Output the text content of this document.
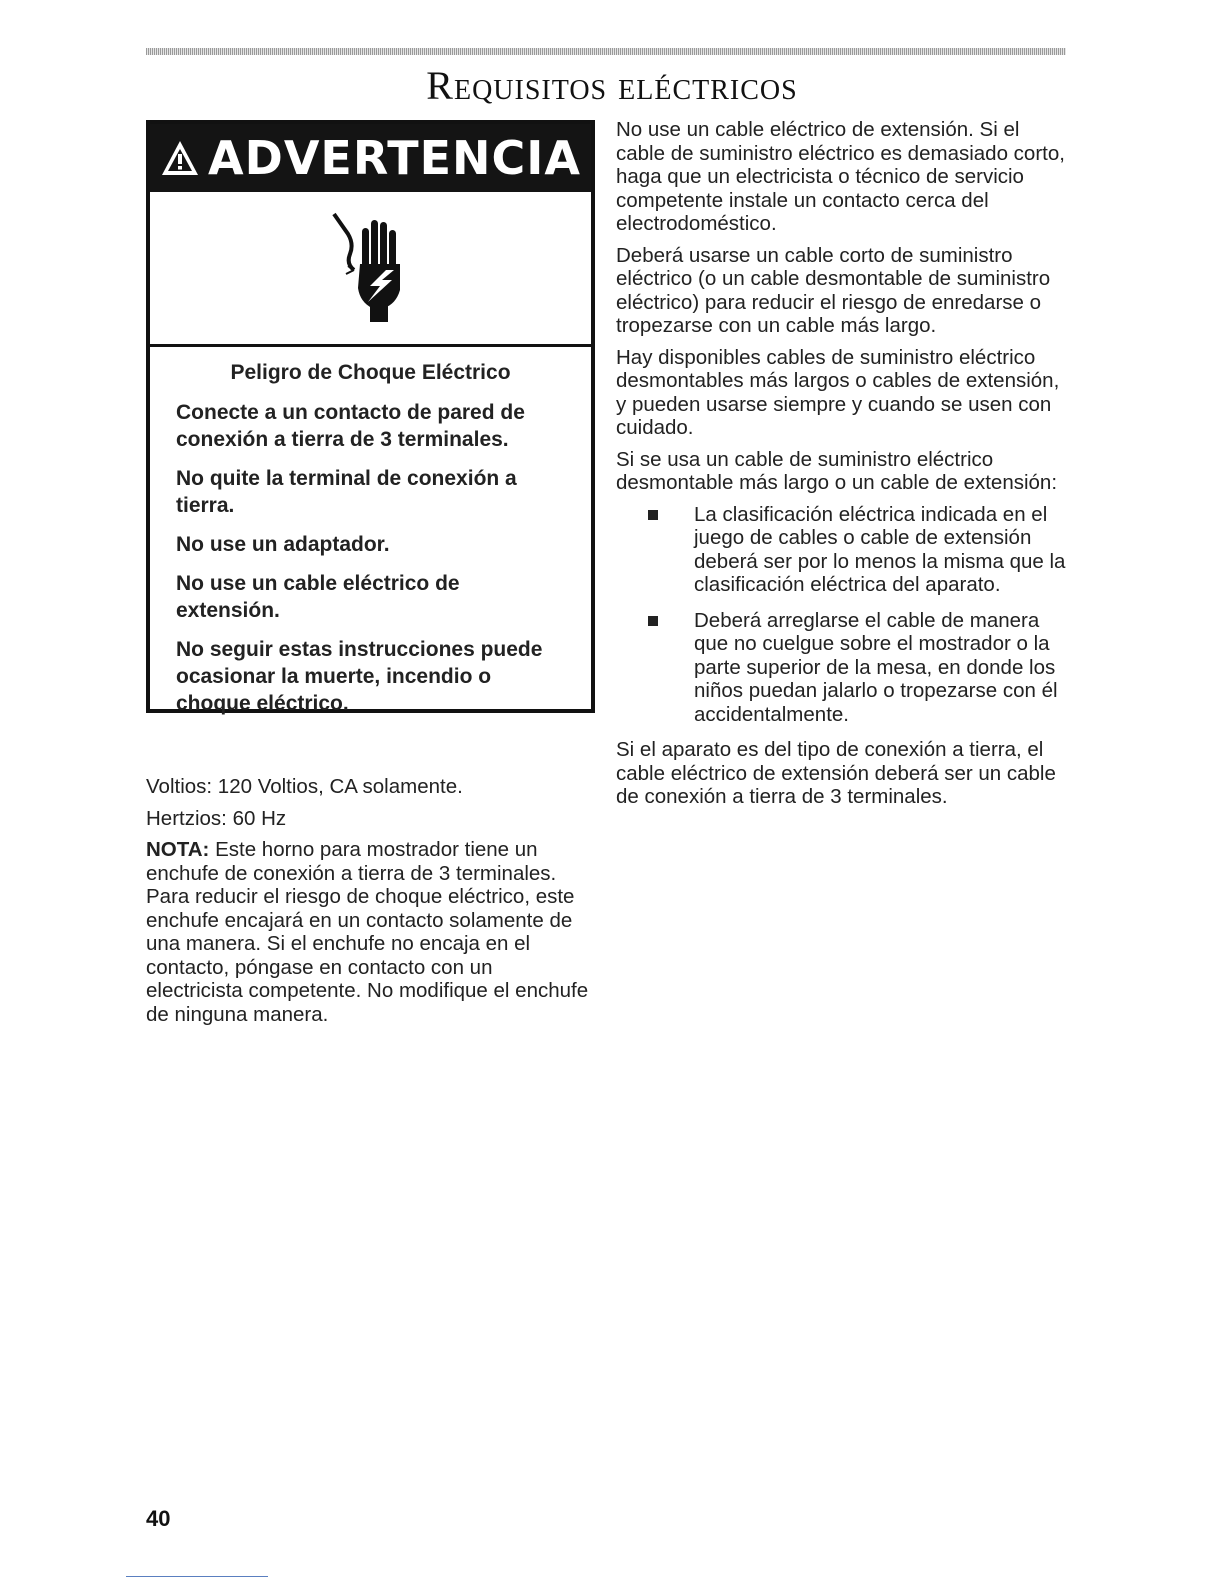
Requisitos eléctricos
ADVERTENCIA

Peligro de Choque Eléctrico

Conecte a un contacto de pared de conexión a tierra de 3 terminales.

No quite la terminal de conexión a tierra.

No use un adaptador.

No use un cable eléctrico de extensión.

No seguir estas instrucciones puede ocasionar la muerte, incendio o choque eléctrico.

Voltios: 120 Voltios, CA solamente.

Hertzios: 60 Hz

NOTA: Este horno para mostrador tiene un enchufe de conexión a tierra de 3 terminales. Para reducir el riesgo de choque eléctrico, este enchufe encajará en un contacto solamente de una manera. Si el enchufe no encaja en el contacto, póngase en contacto con un electricista competente. No modifique el enchufe de ninguna manera.

No use un cable eléctrico de extensión. Si el cable de suministro eléctrico es demasiado corto, haga que un electricista o técnico de servicio competente instale un contacto cerca del electrodoméstico.

Deberá usarse un cable corto de suministro eléctrico (o un cable desmontable de suministro eléctrico) para reducir el riesgo de enredarse o tropezarse con un cable más largo.

Hay disponibles cables de suministro eléctrico desmontables más largos o cables de extensión, y pueden usarse siempre y cuando se usen con cuidado.

Si se usa un cable de suministro eléctrico desmontable más largo o un cable de extensión:

La clasificación eléctrica indicada en el juego de cables o cable de extensión deberá ser por lo menos la misma que la clasificación eléctrica del aparato.
Deberá arreglarse el cable de manera que no cuelgue sobre el mostrador o la parte superior de la mesa, en donde los niños puedan jalarlo o tropezarse con él accidentalmente.

Si el aparato es del tipo de conexión a tierra, el cable eléctrico de extensión deberá ser un cable de conexión a tierra de 3 terminales.

40
